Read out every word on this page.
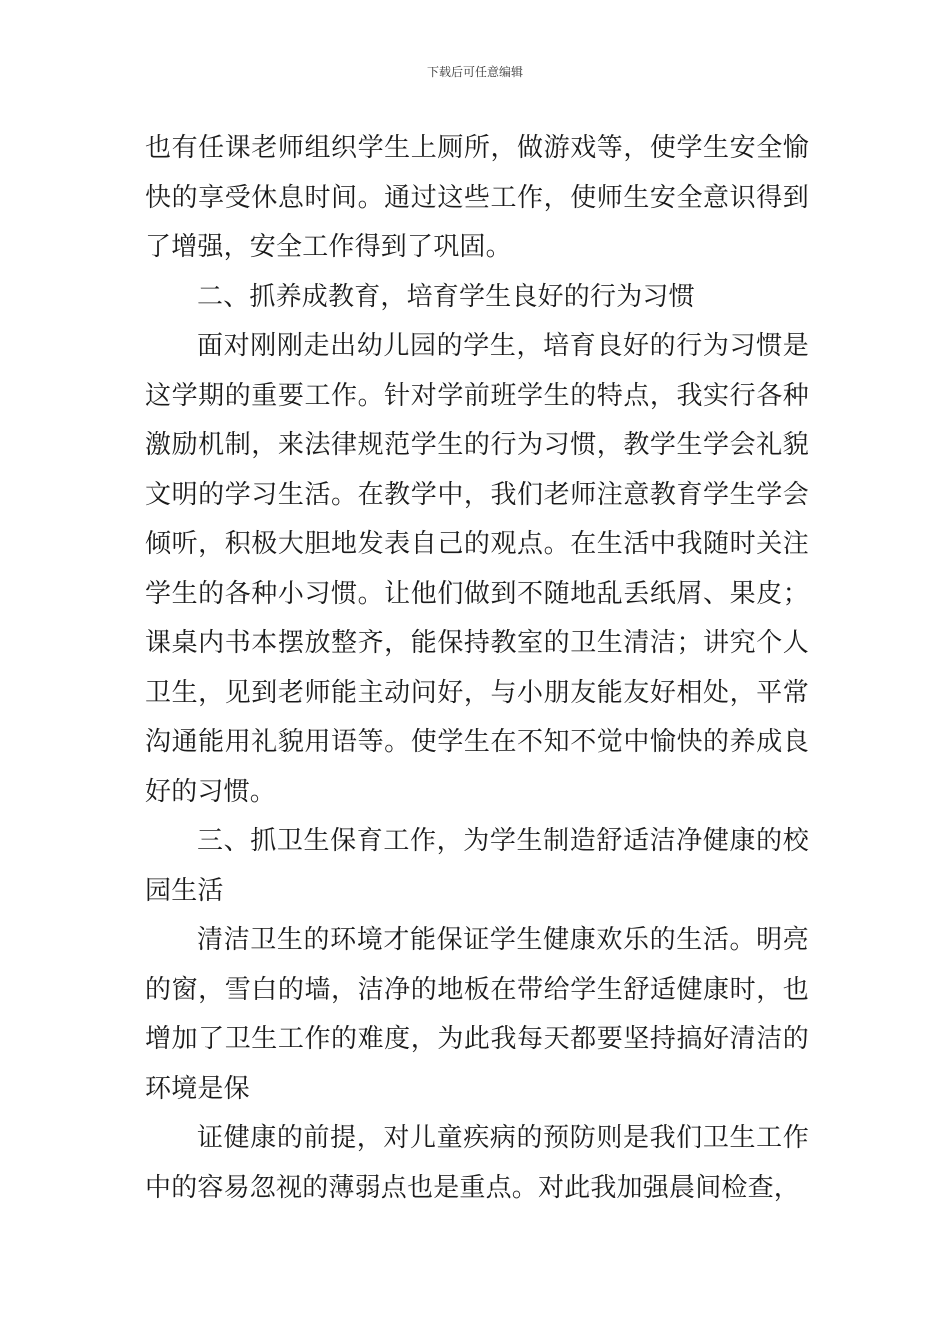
下载后可任意编辑

也有任课老师组织学生上厕所，做游戏等，使学生安全愉快的享受休息时间。通过这些工作，使师生安全意识得到了增强，安全工作得到了巩固。

二、抓养成教育，培育学生良好的行为习惯

面对刚刚走出幼儿园的学生，培育良好的行为习惯是这学期的重要工作。针对学前班学生的特点，我实行各种激励机制，来法律规范学生的行为习惯，教学生学会礼貌文明的学习生活。在教学中，我们老师注意教育学生学会倾听，积极大胆地发表自己的观点。在生活中我随时关注学生的各种小习惯。让他们做到不随地乱丢纸屑、果皮；课桌内书本摆放整齐，能保持教室的卫生清洁；讲究个人卫生，见到老师能主动问好，与小朋友能友好相处，平常沟通能用礼貌用语等。使学生在不知不觉中愉快的养成良好的习惯。

三、抓卫生保育工作，为学生制造舒适洁净健康的校园生活

清洁卫生的环境才能保证学生健康欢乐的生活。明亮的窗，雪白的墙，洁净的地板在带给学生舒适健康时，也增加了卫生工作的难度，为此我每天都要坚持搞好清洁的环境是保

证健康的前提，对儿童疾病的预防则是我们卫生工作中的容易忽视的薄弱点也是重点。对此我加强晨间检查，
